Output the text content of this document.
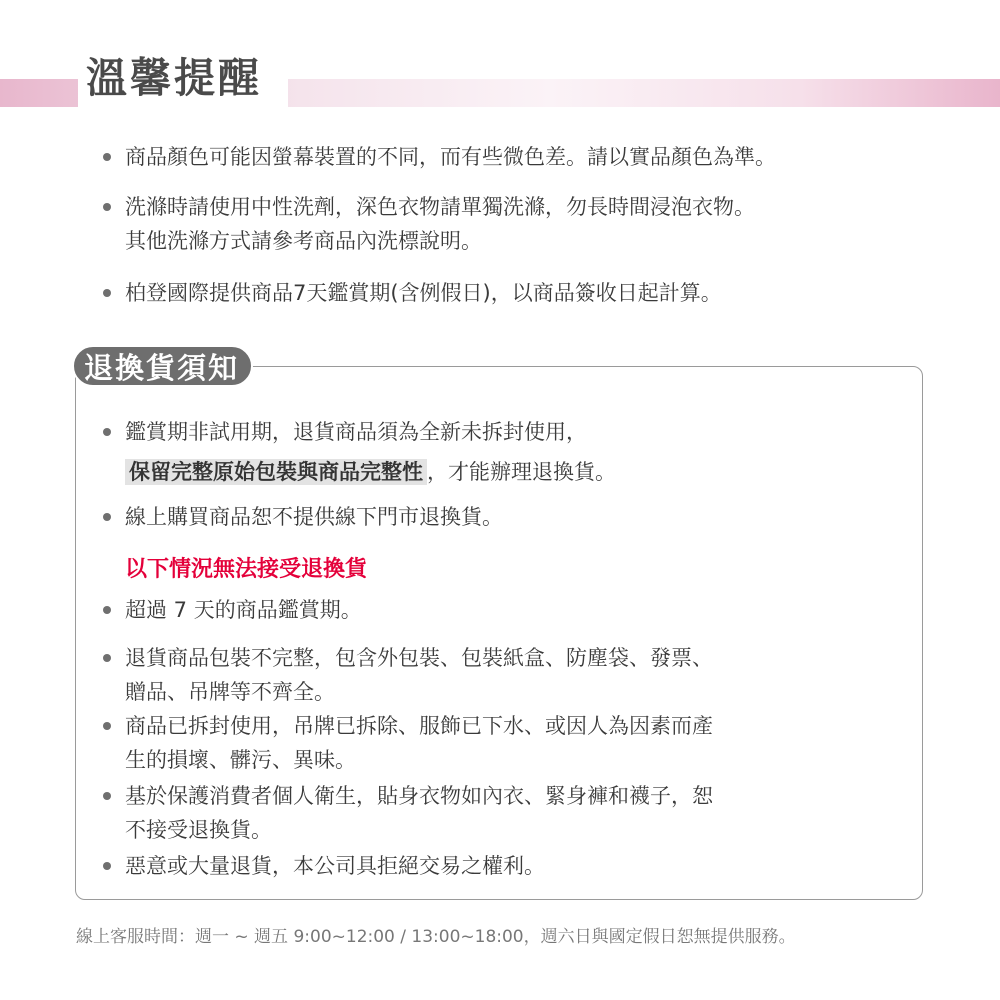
溫馨提醒
商品顏色可能因螢幕裝置的不同，而有些微色差。請以實品顏色為準。
洗滌時請使用中性洗劑，深色衣物請單獨洗滌，勿長時間浸泡衣物。
其他洗滌方式請參考商品內洗標說明。
柏登國際提供商品7天鑑賞期(含例假日)，以商品簽收日起計算。
退換貨須知
鑑賞期非試用期，退貨商品須為全新未拆封使用，
保留完整原始包裝與商品完整性 ，才能辦理退換貨。
線上購買商品恕不提供線下門市退換貨。
以下情況無法接受退換貨
超過 7 天的商品鑑賞期。
退貨商品包裝不完整，包含外包裝、包裝紙盒、防塵袋、發票、
贈品、吊牌等不齊全。
商品已拆封使用，吊牌已拆除、服飾已下水、或因人為因素而產
生的損壞、髒污、異味。
基於保護消費者個人衛生，貼身衣物如內衣、緊身褲和襪子，恕
不接受退換貨。
惡意或大量退貨，本公司具拒絕交易之權利。
線上客服時間：週一 ~ 週五 9:00~12:00 / 13:00~18:00，週六日與國定假日恕無提供服務。
